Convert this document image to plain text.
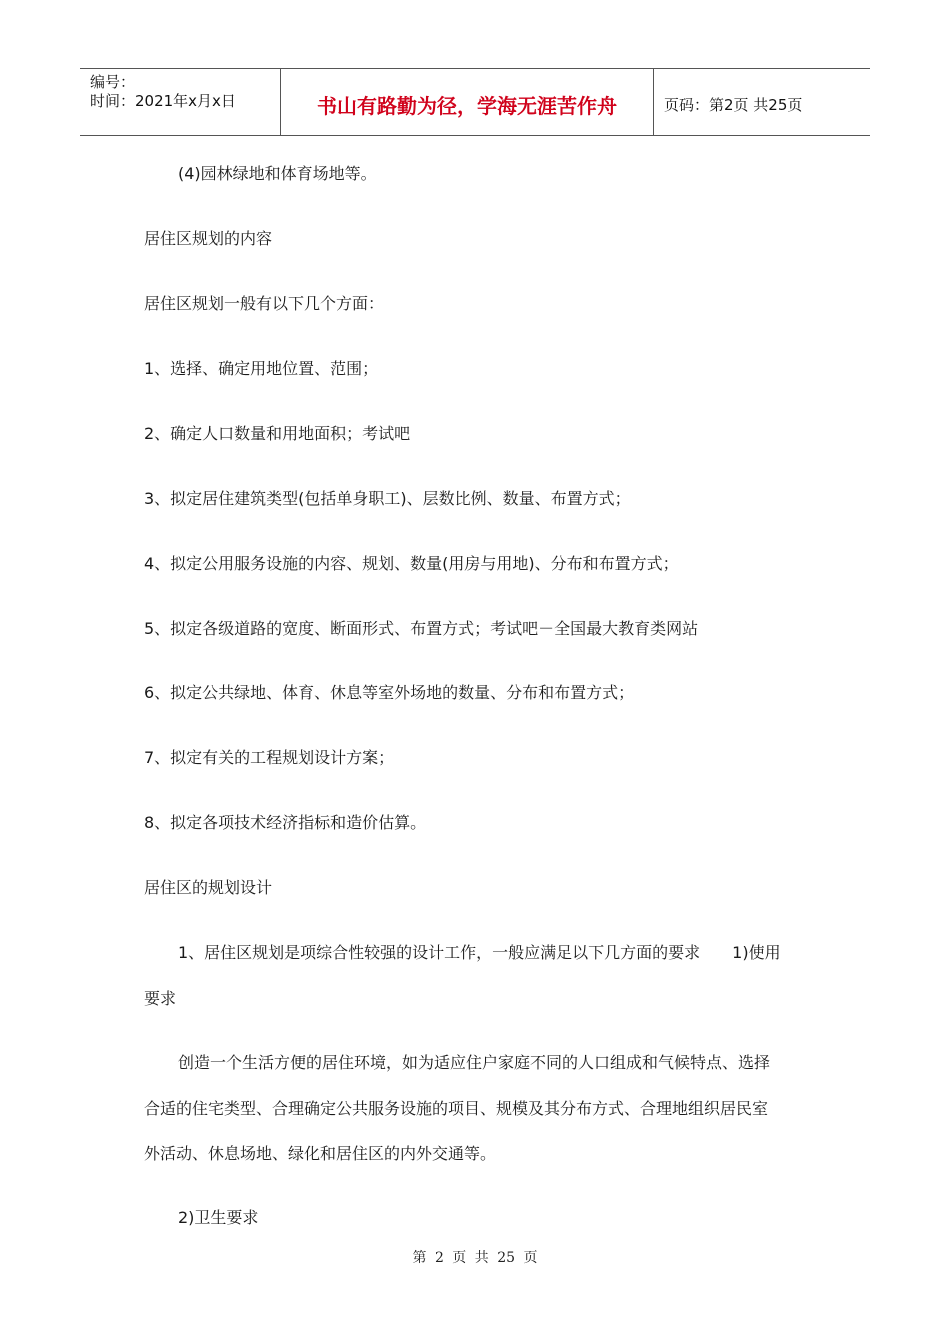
编号：
时间：2021年x月x日	书山有路勤为径，学海无涯苦作舟	页码：第2页 共25页
(4)园林绿地和体育场地等。
居住区规划的内容
居住区规划一般有以下几个方面：
1、选择、确定用地位置、范围；
2、确定人口数量和用地面积；考试吧
3、拟定居住建筑类型(包括单身职工)、层数比例、数量、布置方式；
4、拟定公用服务设施的内容、规划、数量(用房与用地)、分布和布置方式；
5、拟定各级道路的宽度、断面形式、布置方式；考试吧－全国最大教育类网站
6、拟定公共绿地、体育、休息等室外场地的数量、分布和布置方式；
7、拟定有关的工程规划设计方案；
8、拟定各项技术经济指标和造价估算。
居住区的规划设计
1、居住区规划是项综合性较强的设计工作，一般应满足以下几方面的要求　　1)使用
要求
创造一个生活方便的居住环境，如为适应住户家庭不同的人口组成和气候特点、选择
合适的住宅类型、合理确定公共服务设施的项目、规模及其分布方式、合理地组织居民室
外活动、休息场地、绿化和居住区的内外交通等。
2)卫生要求
第 2 页 共 25 页
